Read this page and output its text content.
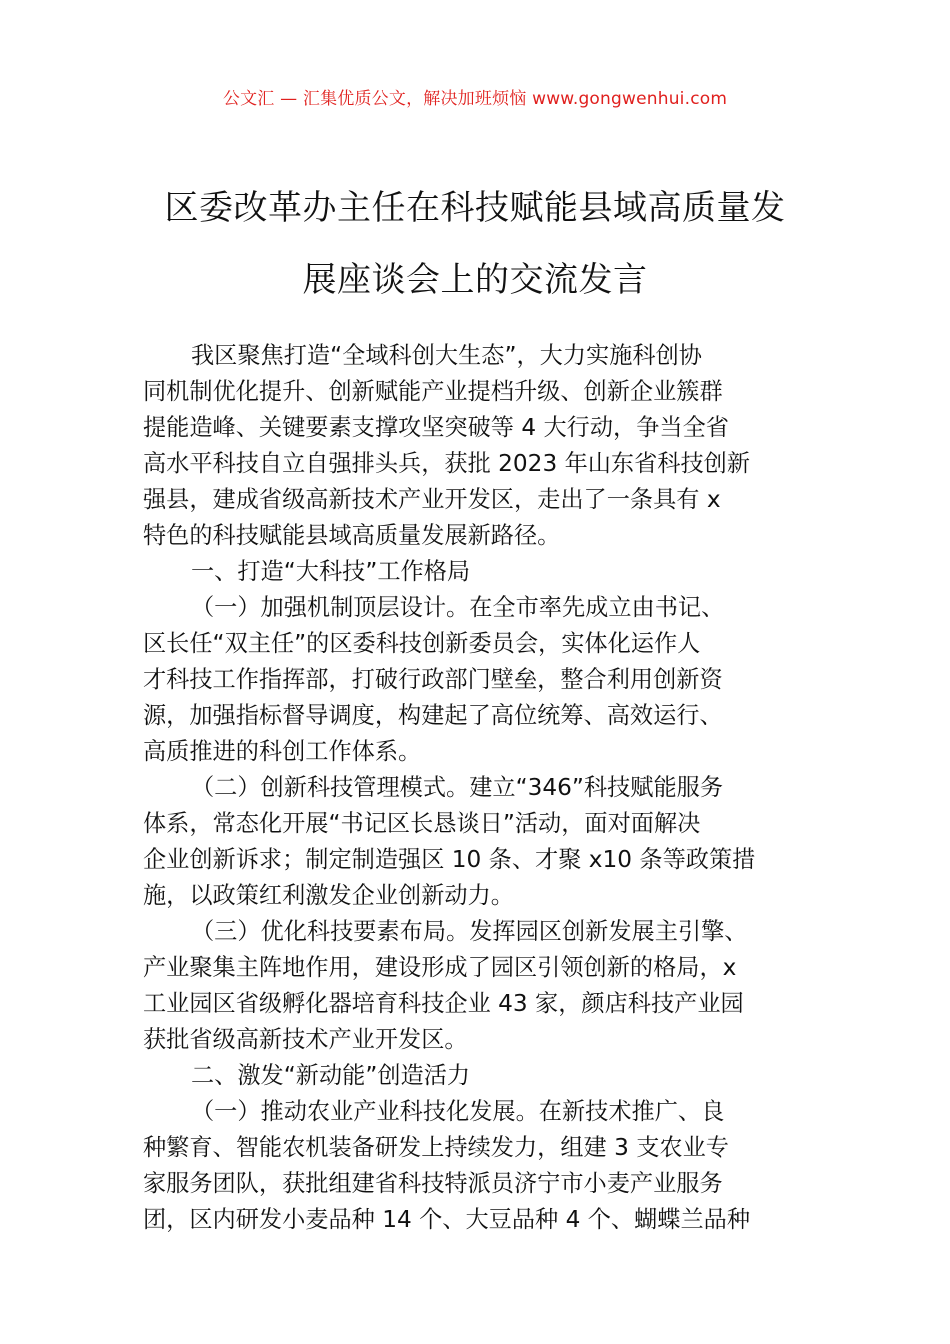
公文汇 — 汇集优质公文，解决加班烦恼 www.gongwenhui.com
区委改革办主任在科技赋能县域高质量发
展座谈会上的交流发言
我区聚焦打造“全域科创大生态”，大力实施科创协
同机制优化提升、创新赋能产业提档升级、创新企业簇群
提能造峰、关键要素支撑攻坚突破等 4 大行动，争当全省
高水平科技自立自强排头兵，获批 2023 年山东省科技创新
强县，建成省级高新技术产业开发区，走出了一条具有 x
特色的科技赋能县域高质量发展新路径。
一、打造“大科技”工作格局
（一）加强机制顶层设计。在全市率先成立由书记、
区长任“双主任”的区委科技创新委员会，实体化运作人
才科技工作指挥部，打破行政部门壁垒，整合利用创新资
源，加强指标督导调度，构建起了高位统筹、高效运行、
高质推进的科创工作体系。
（二）创新科技管理模式。建立“346”科技赋能服务
体系，常态化开展“书记区长恳谈日”活动，面对面解决
企业创新诉求；制定制造强区 10 条、才聚 x10 条等政策措
施，以政策红利激发企业创新动力。
（三）优化科技要素布局。发挥园区创新发展主引擎、
产业聚集主阵地作用，建设形成了园区引领创新的格局，x
工业园区省级孵化器培育科技企业 43 家，颜店科技产业园
获批省级高新技术产业开发区。
二、激发“新动能”创造活力
（一）推动农业产业科技化发展。在新技术推广、良
种繁育、智能农机装备研发上持续发力，组建 3 支农业专
家服务团队，获批组建省科技特派员济宁市小麦产业服务
团，区内研发小麦品种 14 个、大豆品种 4 个、蝴蝶兰品种
